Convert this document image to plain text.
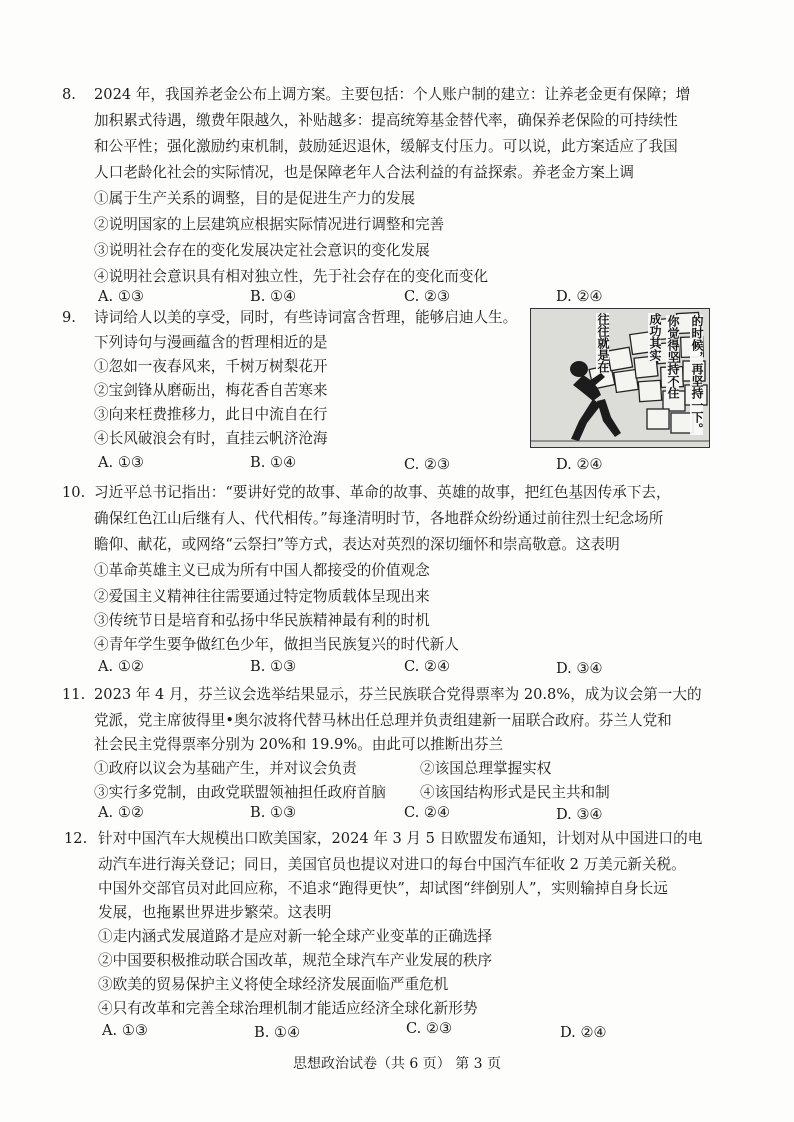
8. 2024 年，我国养老金公布上调方案。主要包括：个人账户制的建立：让养老金更有保障；增
加积累式待遇，缴费年限越久，补贴越多：提高统筹基金替代率，确保养老保险的可持续性
和公平性；强化激励约束机制，鼓励延迟退休，缓解支付压力。可以说，此方案适应了我国
人口老龄化社会的实际情况，也是保障老年人合法利益的有益探索。养老金方案上调
①属于生产关系的调整，目的是促进生产力的发展
②说明国家的上层建筑应根据实际情况进行调整和完善
③说明社会存在的变化发展决定社会意识的变化发展
④说明社会意识具有相对独立性，先于社会存在的变化而变化
A. ①③	B. ①④	C. ②③	D. ②④
9. 诗词给人以美的享受，同时，有些诗词富含哲理，能够启迪人生。
下列诗句与漫画蕴含的哲理相近的是
①忽如一夜春风来，千树万树梨花开
②宝剑锋从磨砺出，梅花香自苦寒来
③向来枉费推移力，此日中流自在行
④长风破浪会有时，直挂云帆济沧海
A. ①③	B. ①④	C. ②③	D. ②④
成功其实
往往就是在	你觉得坚持不住 的时候，再坚持一下。
10. 习近平总书记指出：“要讲好党的故事、革命的故事、英雄的故事，把红色基因传承下去，
确保红色江山后继有人、代代相传。”每逢清明时节，各地群众纷纷通过前往烈士纪念场所
瞻仰、献花，或网络“云祭扫”等方式，表达对英烈的深切缅怀和崇高敬意。这表明
①革命英雄主义已成为所有中国人都接受的价值观念
②爱国主义精神往往需要通过特定物质载体呈现出来
③传统节日是培育和弘扬中华民族精神最有利的时机
④青年学生要争做红色少年，做担当民族复兴的时代新人
A. ①②	B. ①③	C. ②④	D. ③④
11. 2023 年 4 月，芬兰议会选举结果显示，芬兰民族联合党得票率为 20.8%，成为议会第一大的
党派，党主席彼得里•奥尔波将代替马林出任总理并负责组建新一届联合政府。芬兰人党和
社会民主党得票率分别为 20%和 19.9%。由此可以推断出芬兰
①政府以议会为基础产生，并对议会负责	②该国总理掌握实权
③实行多党制，由政党联盟领袖担任政府首脑 ④该国结构形式是民主共和制
A. ①②	B. ①③	C. ②④	D. ③④
12. 针对中国汽车大规模出口欧美国家，2024 年 3 月 5 日欧盟发布通知，计划对从中国进口的电
动汽车进行海关登记；同日，美国官员也提议对进口的每台中国汽车征收 2 万美元新关税。
中国外交部官员对此回应称，不追求“跑得更快”，却试图“绊倒别人”，实则输掉自身长远
发展，也拖累世界进步繁荣。这表明
①走内涵式发展道路才是应对新一轮全球产业变革的正确选择
②中国要积极推动联合国改革，规范全球汽车产业发展的秩序
③欧美的贸易保护主义将使全球经济发展面临严重危机
④只有改革和完善全球治理机制才能适应经济全球化新形势
A. ①③	B. ①④	C. ②③	D. ②④
思想政治试卷（共 6 页） 第 3 页
